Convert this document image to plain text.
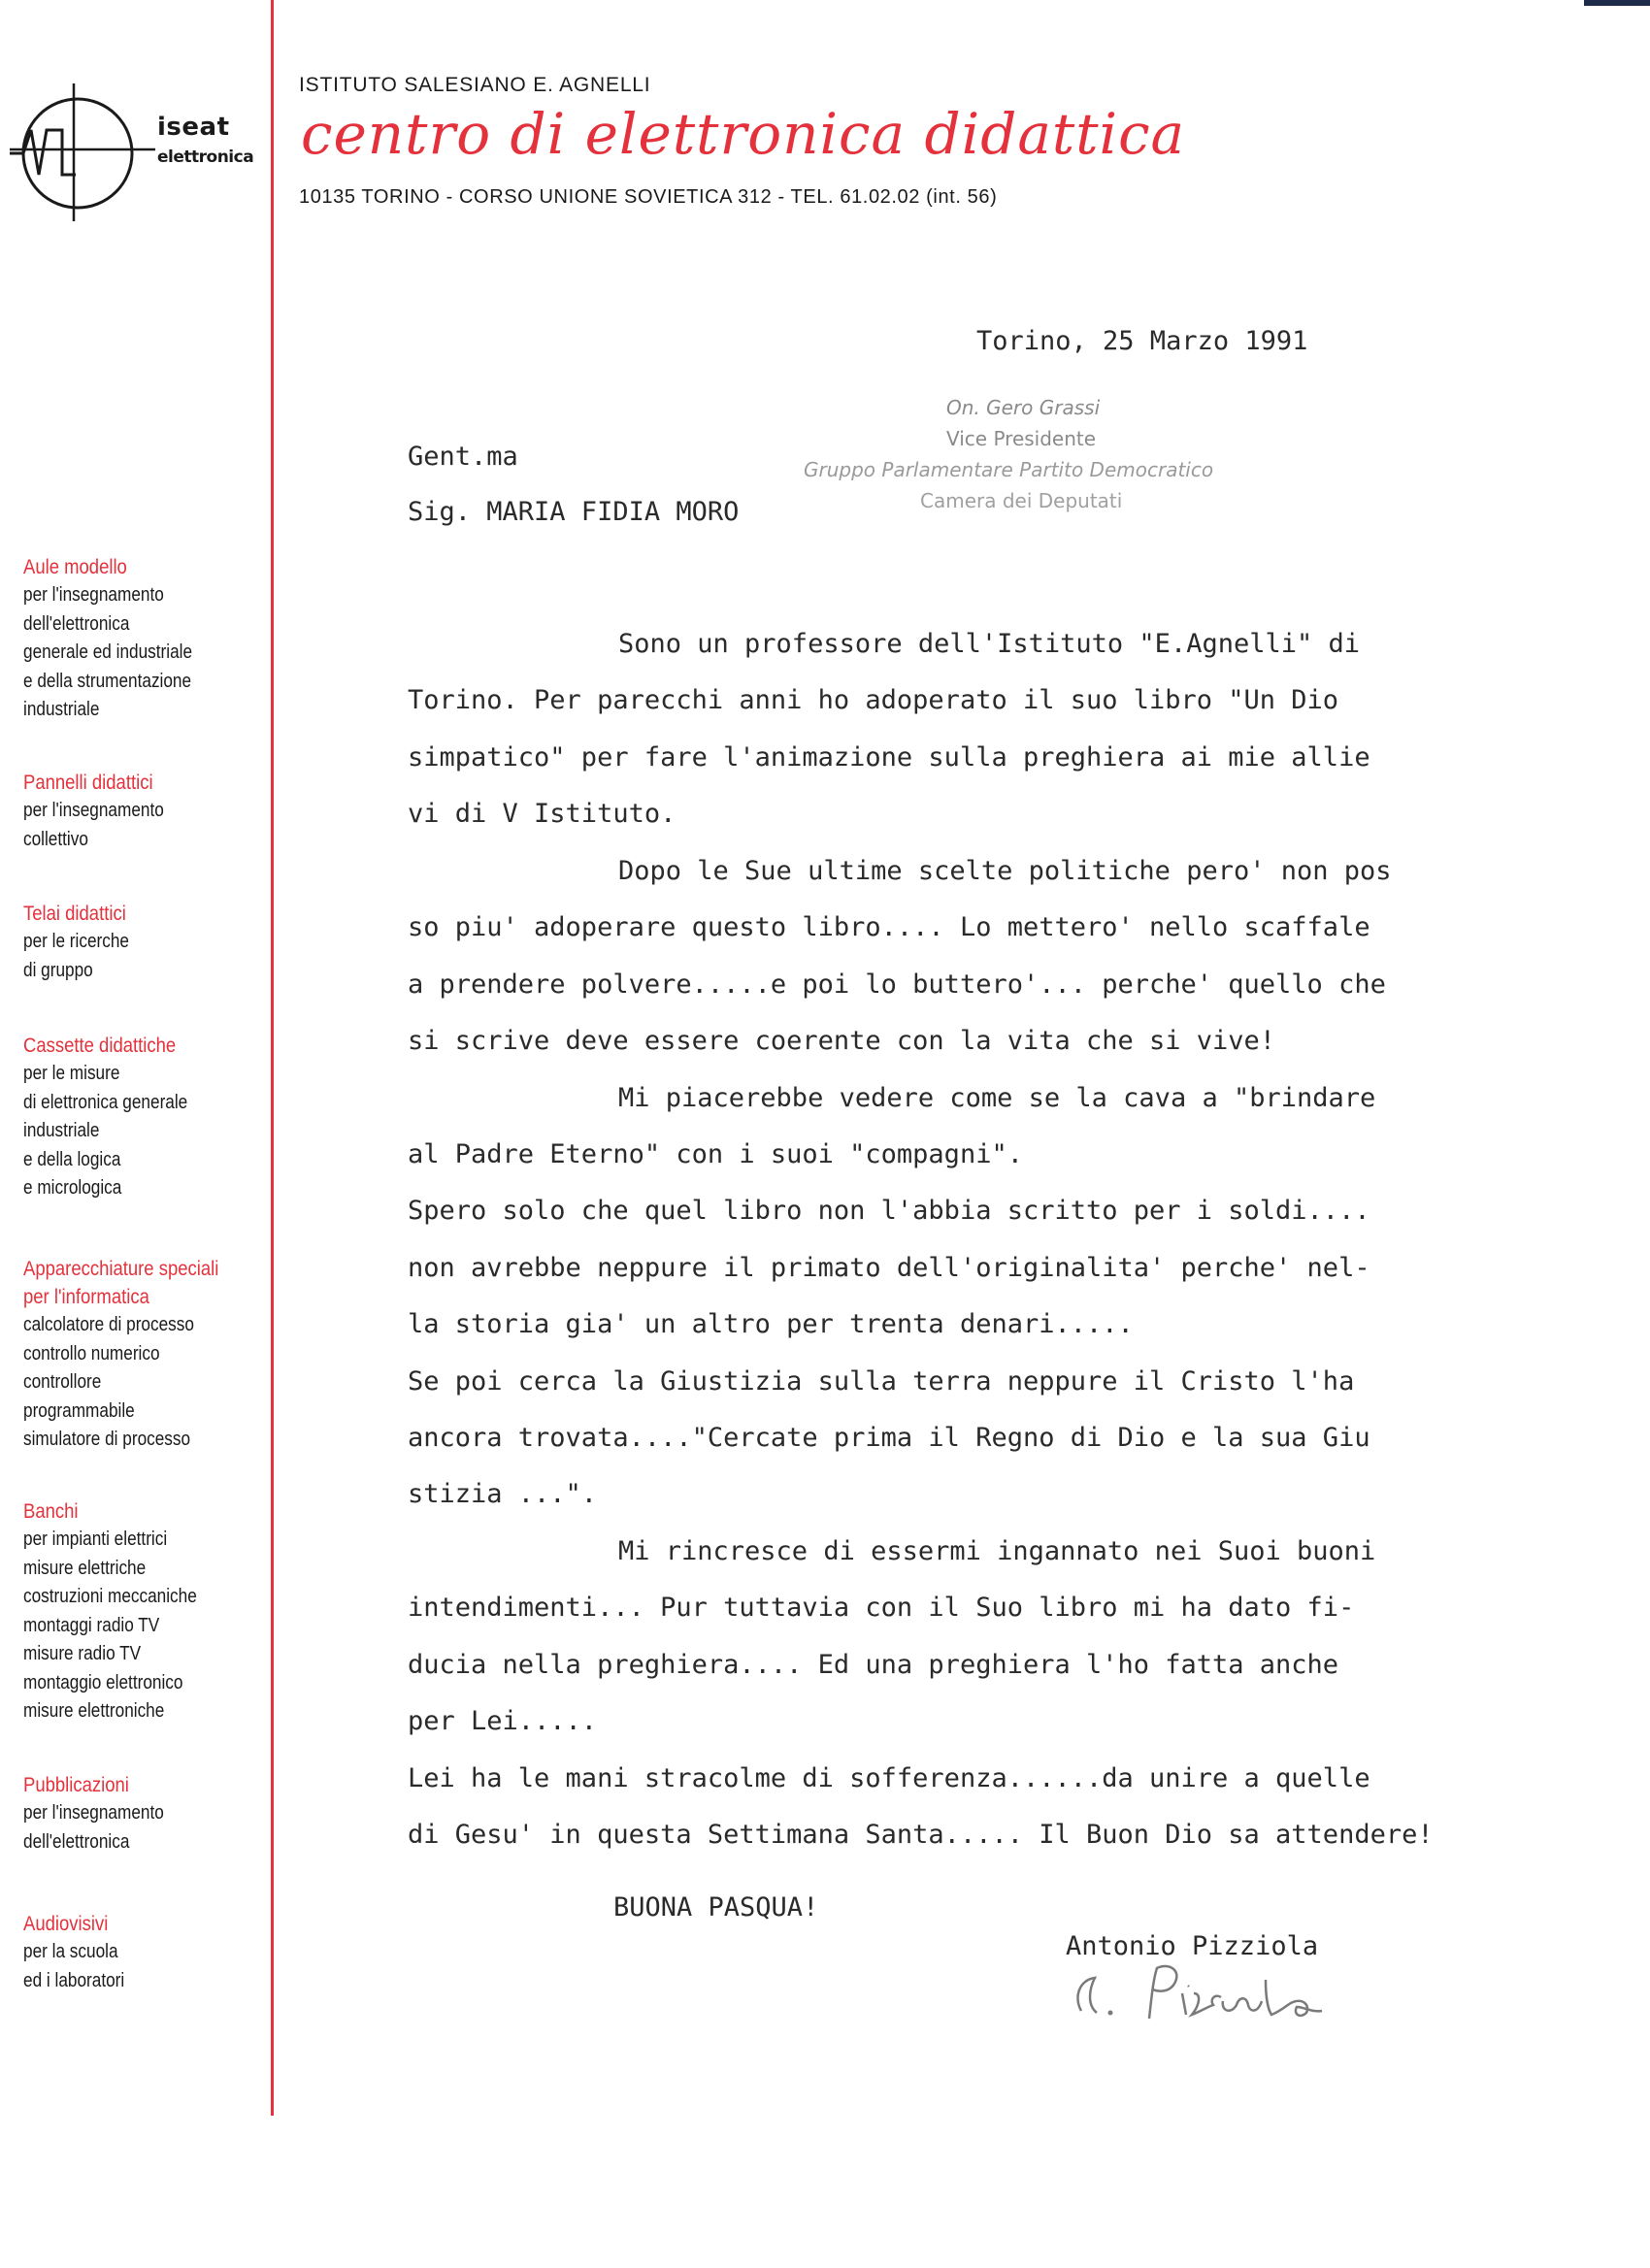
iseat
elettronica
ISTITUTO SALESIANO E. AGNELLI
centro di elettronica didattica
10135 TORINO - CORSO UNIONE SOVIETICA 312 - TEL. 61.02.02 (int. 56)
Aule modello
per l'insegnamento
dell'elettronica
generale ed industriale
e della strumentazione
industriale
Pannelli didattici
per l'insegnamento
collettivo
Telai didattici
per le ricerche
di gruppo
Cassette didattiche
per le misure
di elettronica generale
industriale
e della logica
e micrologica
Apparecchiature speciali
per l'informatica
calcolatore di processo
controllo numerico
controllore
programmabile
simulatore di processo
Banchi
per impianti elettrici
misure elettriche
costruzioni meccaniche
montaggi radio TV
misure radio TV
montaggio elettronico
misure elettroniche
Pubblicazioni
per l'insegnamento
dell'elettronica
Audiovisivi
per la scuola
ed i laboratori
Torino, 25 Marzo 1991
Gent.ma
Sig. MARIA FIDIA MORO
On. Gero Grassi
Vice Presidente
Gruppo Parlamentare Partito Democratico
Camera dei Deputati
Sono un professore dell'Istituto "E.Agnelli" di
Torino. Per parecchi anni ho adoperato il suo libro "Un Dio
simpatico" per fare l'animazione sulla preghiera ai mie allie
vi di V Istituto.
Dopo le Sue ultime scelte politiche pero' non pos
so piu' adoperare questo libro.... Lo mettero' nello scaffale
a prendere polvere.....e poi lo buttero'... perche' quello che
si scrive deve essere coerente con la vita che si vive!
Mi piacerebbe vedere come se la cava a "brindare
al Padre Eterno" con i suoi "compagni".
Spero solo che quel libro non l'abbia scritto per i soldi....
non avrebbe neppure il primato dell'originalita' perche' nel-
la storia gia' un altro per trenta denari.....
Se poi cerca la Giustizia sulla terra neppure il Cristo l'ha
ancora trovata...."Cercate prima il Regno di Dio e la sua Giu
stizia ...".
Mi rincresce di essermi ingannato nei Suoi buoni
intendimenti... Pur tuttavia con il Suo libro mi ha dato fi-
ducia nella preghiera.... Ed una preghiera l'ho fatta anche
per Lei.....
Lei ha le mani stracolme di sofferenza......da unire a quelle
di Gesu' in questa Settimana Santa..... Il Buon Dio sa attendere!
BUONA PASQUA!
Antonio Pizziola
